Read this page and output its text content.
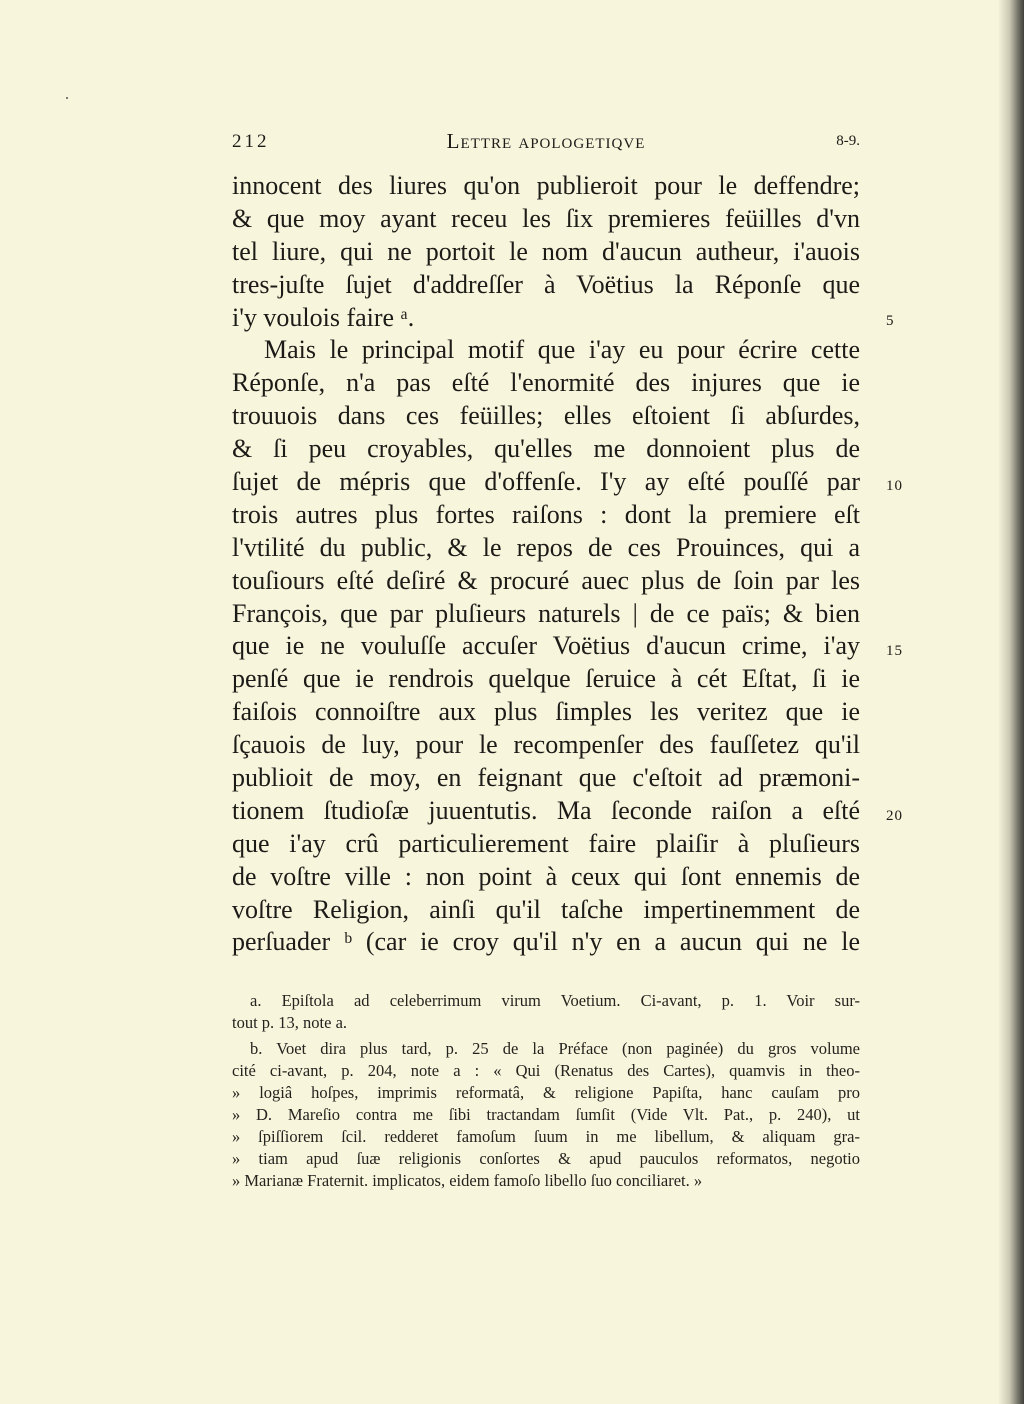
212	Lettre apologetiqve	8-9.
innocent des liures qu'on publieroit pour le deffendre;
& que moy ayant receu les ſix premieres feüilles d'vn
tel liure, qui ne portoit le nom d'aucun autheur, i'auois
tres-juſte ſujet d'addreſſer à Voëtius la Réponſe que
i'y voulois faire ᵃ.
Mais le principal motif que i'ay eu pour écrire cette
Réponſe, n'a pas eſté l'enormité des injures que ie
trouuois dans ces feüilles; elles eſtoient ſi abſurdes,
& ſi peu croyables, qu'elles me donnoient plus de
ſujet de mépris que d'offenſe. I'y ay eſté pouſſé par
trois autres plus fortes raiſons : dont la premiere eſt
l'vtilité du public, & le repos de ces Prouinces, qui a
touſiours eſté deſiré & procuré auec plus de ſoin par les
François, que par pluſieurs naturels | de ce païs; & bien
que ie ne vouluſſe accuſer Voëtius d'aucun crime, i'ay
penſé que ie rendrois quelque ſeruice à cét Eſtat, ſi ie
faiſois connoiſtre aux plus ſimples les veritez que ie
ſçauois de luy, pour le recompenſer des fauſſetez qu'il
publioit de moy, en feignant que c'eſtoit ad præmoni-
tionem ſtudioſæ juuentutis. Ma ſeconde raiſon a eſté
que i'ay crû particulierement faire plaiſir à pluſieurs
de voſtre ville : non point à ceux qui ſont ennemis de
voſtre Religion, ainſi qu'il taſche impertinemment de
perſuader ᵇ (car ie croy qu'il n'y en a aucun qui ne le
5
10
15
20
a. Epiſtola ad celeberrimum virum Voetium. Ci-avant, p. 1. Voir sur-
tout p. 13, note a.
b. Voet dira plus tard, p. 25 de la Préface (non paginée) du gros volume
cité ci-avant, p. 204, note a : « Qui (Renatus des Cartes), quamvis in theo-
» logiâ hoſpes, imprimis reformatâ, & religione Papiſta, hanc cauſam pro
» D. Mareſio contra me ſibi tractandam ſumſit (Vide Vlt. Pat., p. 240), ut
» ſpiſſiorem ſcil. redderet famoſum ſuum in me libellum, & aliquam gra-
» tiam apud ſuæ religionis conſortes & apud pauculos reformatos, negotio
» Marianæ Fraternit. implicatos, eidem famoſo libello ſuo conciliaret. »
